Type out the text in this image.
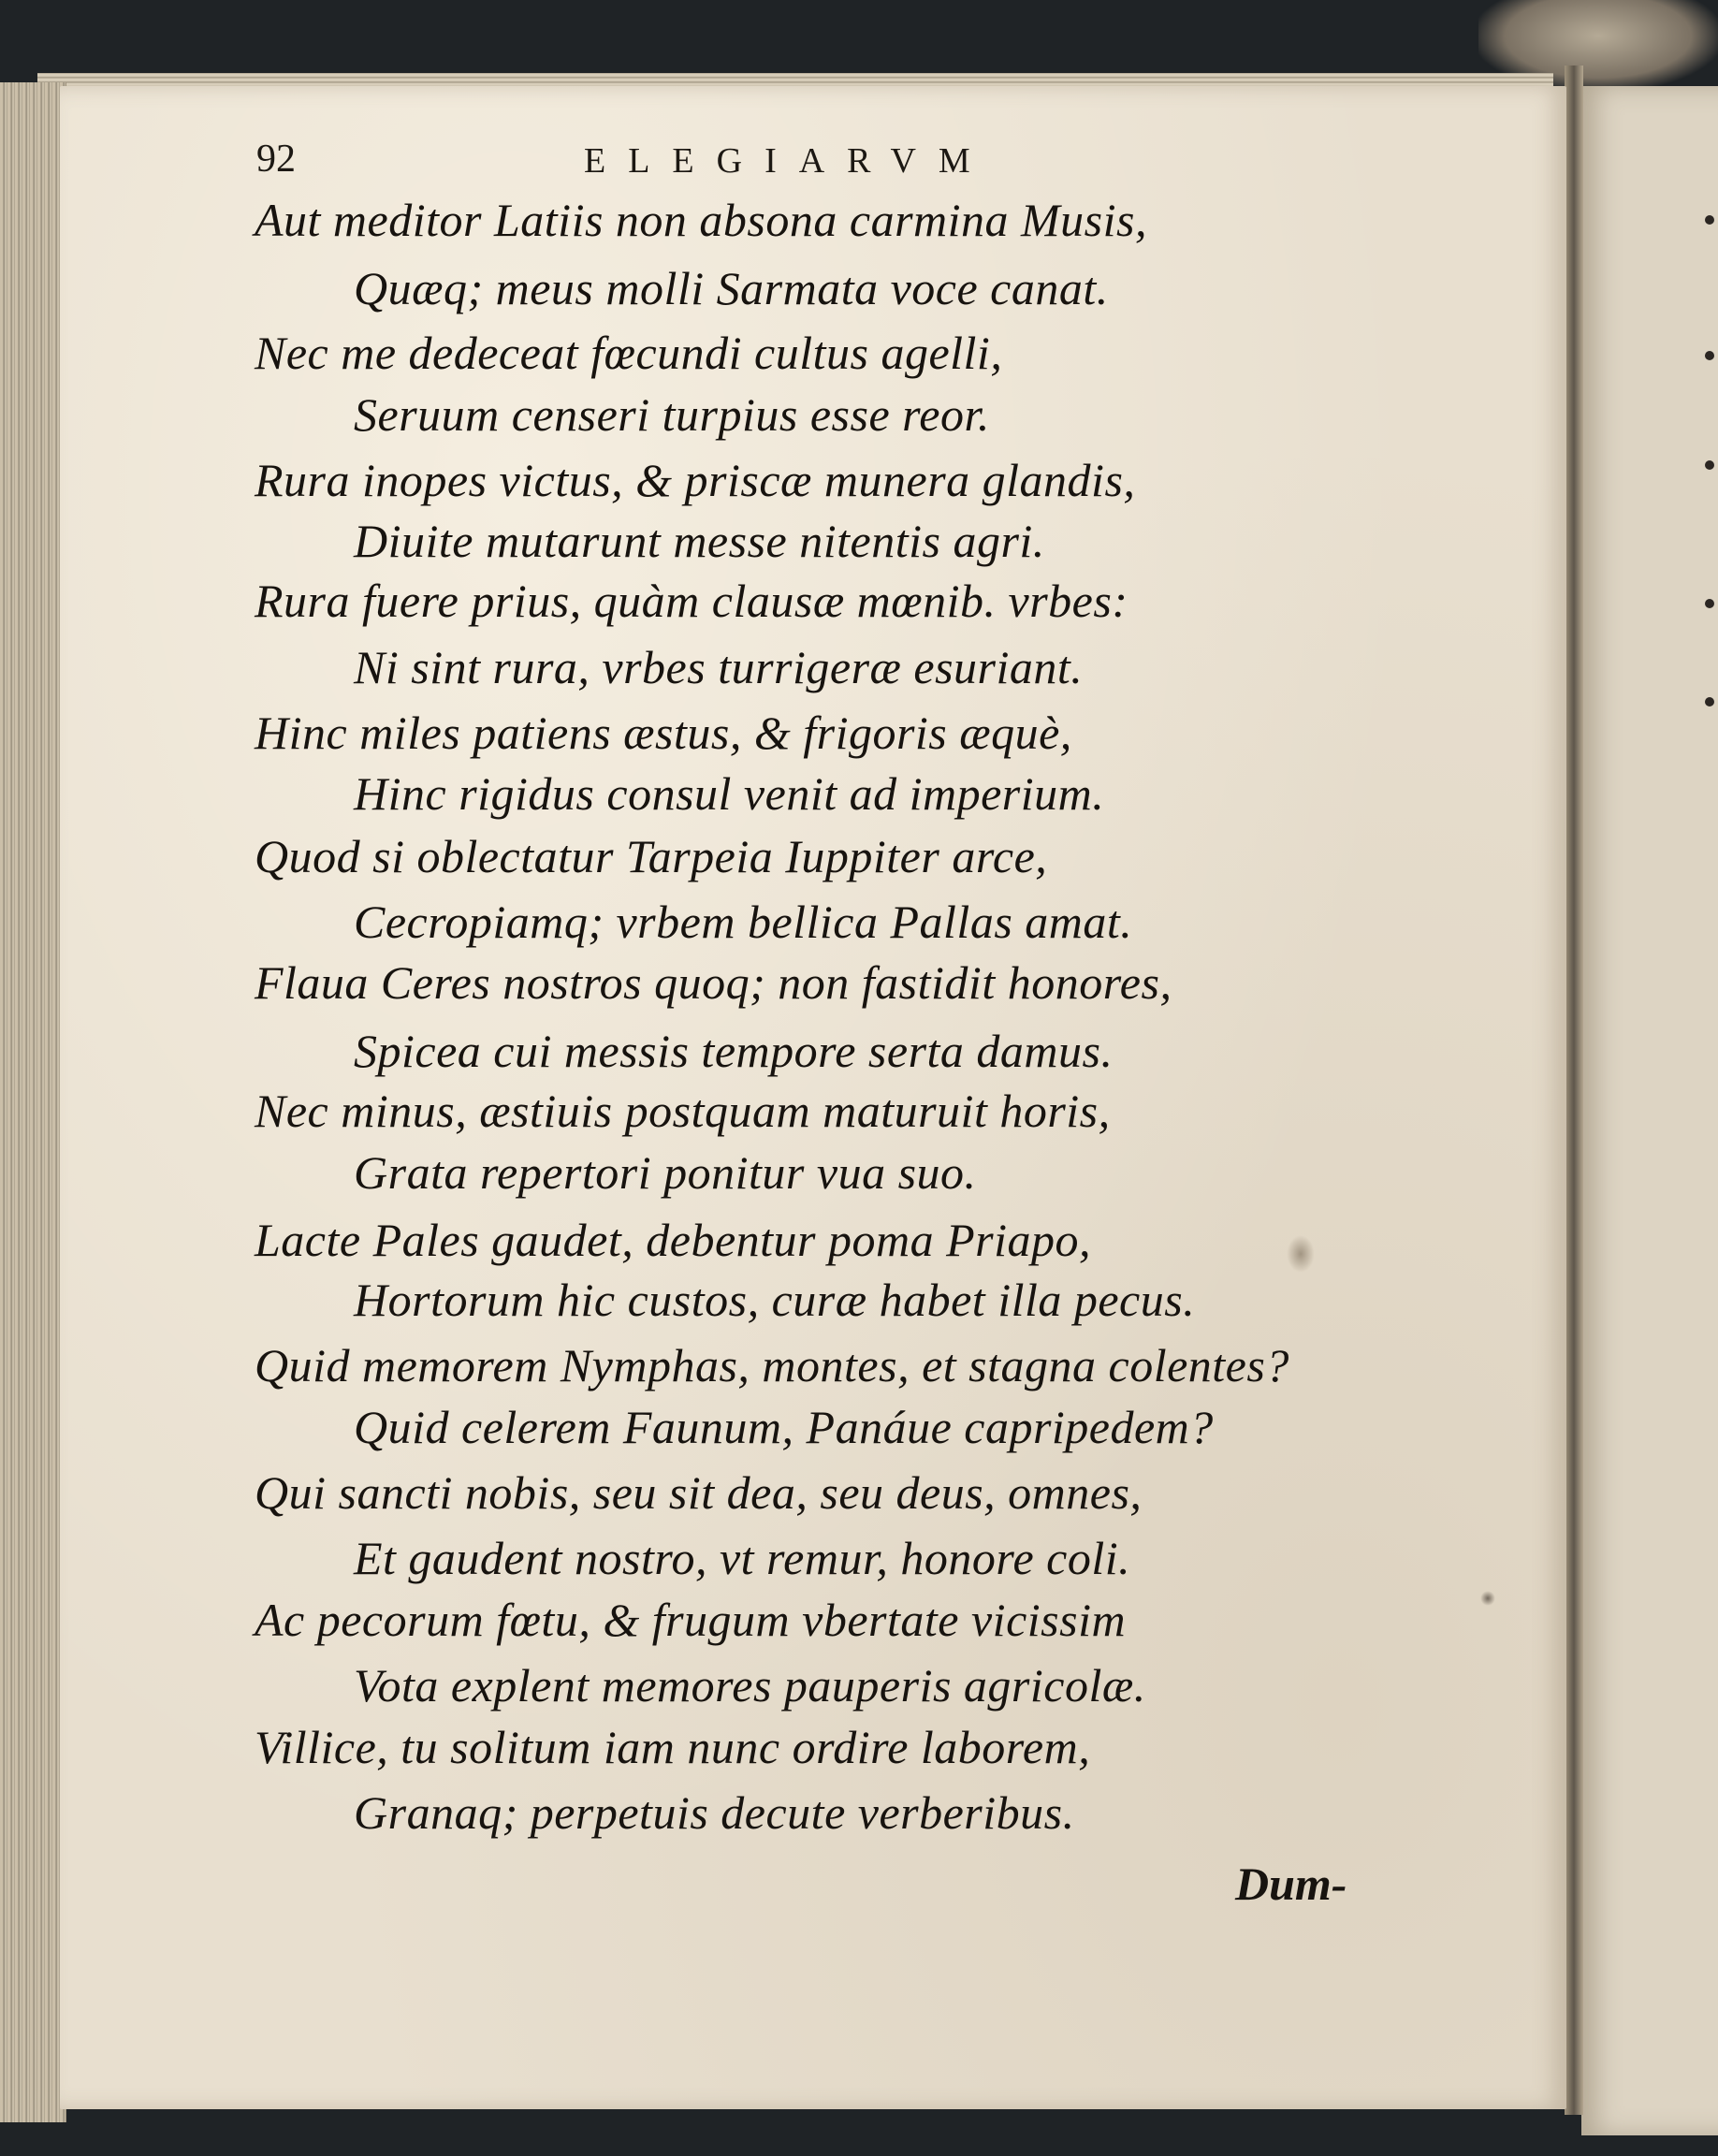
92	ELEGIARVM
Aut meditor Latiis non absona carmina Musis,
Quæq; meus molli Sarmata voce canat.
Nec me dedeceat fœcundi cultus agelli,
Seruum censeri turpius esse reor.
Rura inopes victus, & priscæ munera glandis,
Diuite mutarunt messe nitentis agri.
Rura fuere prius, quàm clausæ mœnib. vrbes:
Ni sint rura, vrbes turrigeræ esuriant.
Hinc miles patiens æstus, & frigoris æquè,
Hinc rigidus consul venit ad imperium.
Quod si oblectatur Tarpeia Iuppiter arce,
Cecropiamq; vrbem bellica Pallas amat.
Flaua Ceres nostros quoq; non fastidit honores,
Spicea cui messis tempore serta damus.
Nec minus, æstiuis postquam maturuit horis,
Grata repertori ponitur vua suo.
Lacte Pales gaudet, debentur poma Priapo,
Hortorum hic custos, curæ habet illa pecus.
Quid memorem Nymphas, montes, et stagna colentes?
Quid celerem Faunum, Panáue capripedem?
Qui sancti nobis, seu sit dea, seu deus, omnes,
Et gaudent nostro, vt remur, honore coli.
Ac pecorum fœtu, & frugum vbertate vicissim
Vota explent memores pauperis agricolæ.
Villice, tu solitum iam nunc ordire laborem,
Granaq; perpetuis decute verberibus.
Dum-
